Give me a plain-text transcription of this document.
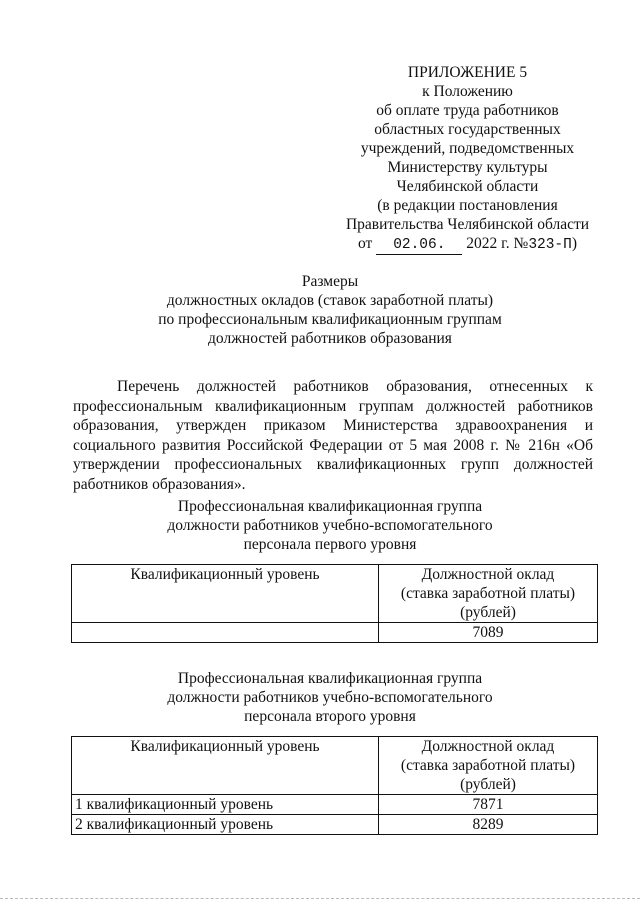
ПРИЛОЖЕНИЕ 5
к Положению
об оплате труда работников
областных государственных
учреждений, подведомственных
Министерству культуры
Челябинской области
(в редакции постановления
Правительства Челябинской области
от	02.06.	2022 г. № 323-П )
Размеры
должностных окладов (ставок заработной платы)
по профессиональным квалификационным группам
должностей работников образования
Перечень должностей работников образования, отнесенных к профессиональным квалификационным группам должностей работников образования, утвержден приказом Министерства здравоохранения и социального развития Российской Федерации от 5 мая 2008 г. № 216н «Об утверждении профессиональных квалификационных групп должностей работников образования».
Профессиональная квалификационная группа
должности работников учебно-вспомогательного
персонала первого уровня
Квалификационный уровень	Должностной оклад
(ставка заработной платы)
(рублей)

	7089
Профессиональная квалификационная группа
должности работников учебно-вспомогательного
персонала второго уровня
Квалификационный уровень	Должностной оклад
(ставка заработной платы)
(рублей)

1 квалификационный уровень	7871
2 квалификационный уровень	8289
